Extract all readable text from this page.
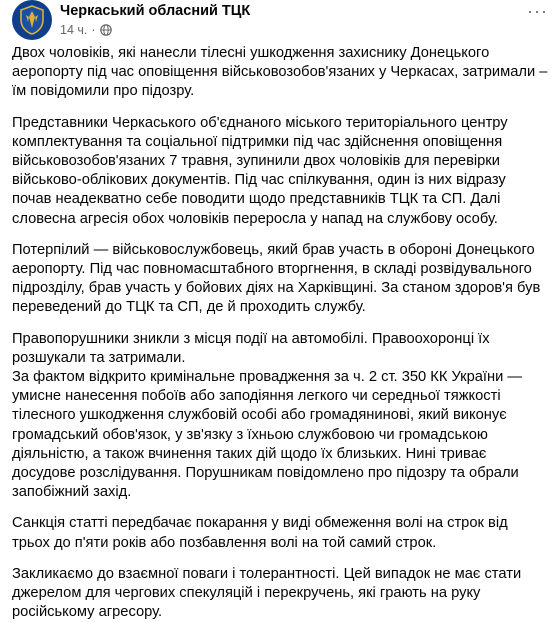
Черкаський обласний ТЦК
14 ч. ·
···

Двох чоловіків, які нанесли тілесні ушкодження захиснику Донецького аеропорту під час оповіщення військовозобов'язаних у Черкасах, затримали – їм повідомили про підозру.

Представники Черкаського об'єднаного міського територіального центру комплектування та соціальної підтримки під час здійснення оповіщення військовозобов'язаних 7 травня, зупинили двох чоловіків для перевірки військово-облікових документів. Під час спілкування, один із них відразу почав неадекватно себе поводити щодо представників ТЦК та СП. Далі словесна агресія обох чоловіків переросла у напад на службову особу.

Потерпілий — військовослужбовець, який брав участь в обороні Донецького аеропорту. Під час повномасштабного вторгнення, в складі розвідувального підрозділу, брав участь у бойових діях на Харківщині. За станом здоров'я був переведений до ТЦК та СП, де й проходить службу.

Правопорушники зникли з місця події на автомобілі. Правоохоронці їх розшукали та затримали.

За фактом відкрито кримінальне провадження за ч. 2 ст. 350 КК України — умисне нанесення побоїв або заподіяння легкого чи середньої тяжкості тілесного ушкодження службовій особі або громадянинові, який виконує громадський обов'язок, у зв'язку з їхньою службовою чи громадською діяльністю, а також вчинення таких дій щодо їх близьких. Нині триває досудове розслідування. Порушникам повідомлено про підозру та обрали запобіжний захід.

Санкція статті передбачає покарання у виді обмеження волі на строк від трьох до п'яти років або позбавлення волі на той самий строк.

Закликаємо до взаємної поваги і толерантності. Цей випадок не має стати джерелом для чергових спекуляцій і перекручень, які грають на руку російському агресору.
